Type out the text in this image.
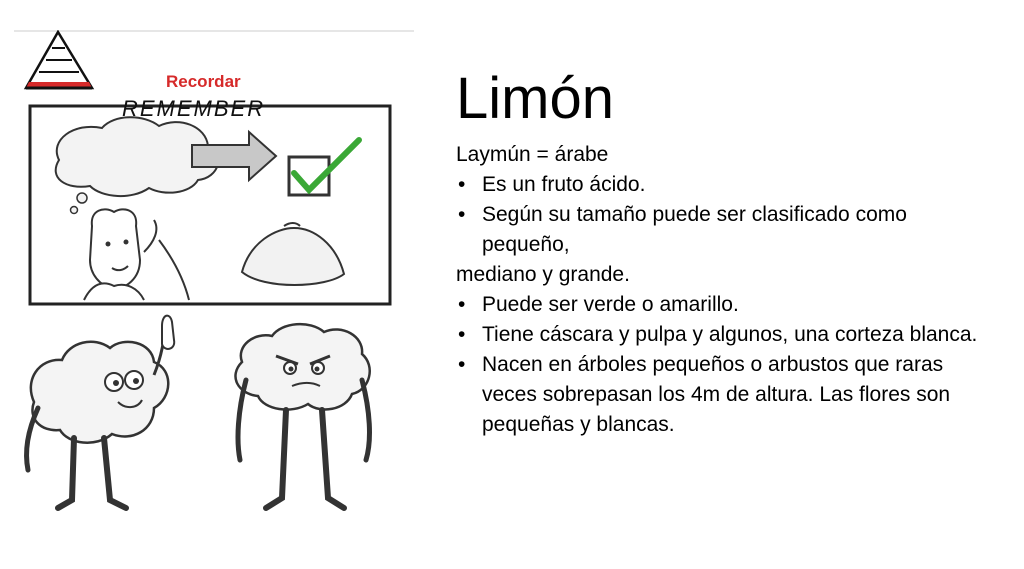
Recordar
REMEMBER	Limón
Laymún = árabe
• Es un fruto ácido.
• Según su tamaño puede ser clasificado como pequeño,
mediano y grande.
• Puede ser verde o amarillo.
• Tiene cáscara y pulpa y algunos, una corteza blanca.
• Nacen en árboles pequeños o arbustos que raras veces sobrepasan los 4m de altura. Las flores son pequeñas y blancas.
